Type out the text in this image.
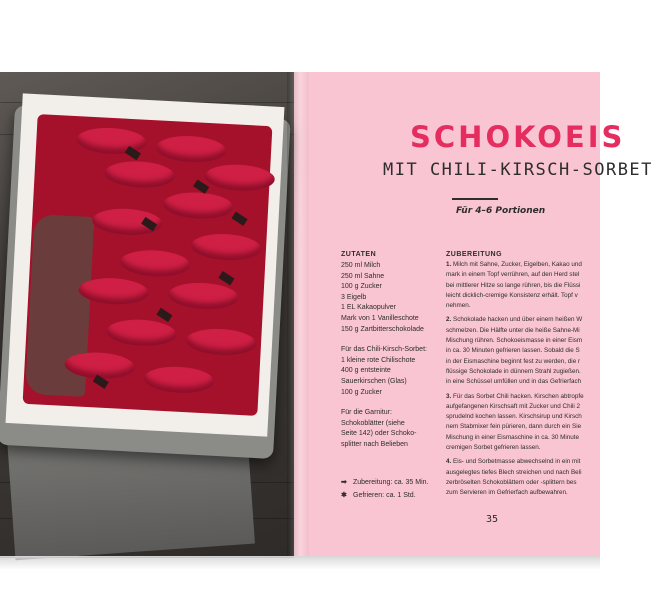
SCHOKOEIS
MIT CHILI-KIRSCH-SORBET
Für 4–6 Portionen
ZUTATEN
250 ml Milch
250 ml Sahne
100 g Zucker
3 Eigelb
1 EL Kakaopulver
Mark von 1 Vanilleschote
150 g Zartbitterschokolade
Für das Chili-Kirsch-Sorbet:
1 kleine rote Chilischote
400 g entsteinte
Sauerkirschen (Glas)
100 g Zucker
Für die Garnitur:
Schokoblätter (siehe
Seite 142) oder Schoko-
splitter nach Belieben
➡ Zubereitung: ca. 35 Min.
✱ Gefrieren: ca. 1 Std.
ZUBEREITUNG

1. Milch mit Sahne, Zucker, Eigelben, Kakao und
mark in einem Topf verrühren, auf den Herd stel
bei mittlerer Hitze so lange rühren, bis die Flüssi
leicht dicklich-cremige Konsistenz erhält. Topf v
nehmen.

2. Schokolade hacken und über einem heißen W
schmelzen. Die Hälfte unter die heiße Sahne-Mi
Mischung rühren. Schokoeismasse in einer Eism
in ca. 30 Minuten gefrieren lassen. Sobald die S
in der Eismaschine beginnt fest zu werden, die r
flüssige Schokolade in dünnem Strahl zugießen.
in eine Schüssel umfüllen und in das Gefrierfach

3. Für das Sorbet Chili hacken. Kirschen abtropfe
aufgefangenen Kirschsaft mit Zucker und Chili 2
sprudelnd kochen lassen. Kirschsirup und Kirsch
nem Stabmixer fein pürieren, dann durch ein Sie
Mischung in einer Eismaschine in ca. 30 Minute
cremigen Sorbet gefrieren lassen.

4. Eis- und Sorbetmasse abwechselnd in ein mit
ausgelegtes tiefes Blech streichen und nach Beli
zerbröselten Schokoblättern oder -splittern bes
zum Servieren im Gefrierfach aufbewahren.

35
